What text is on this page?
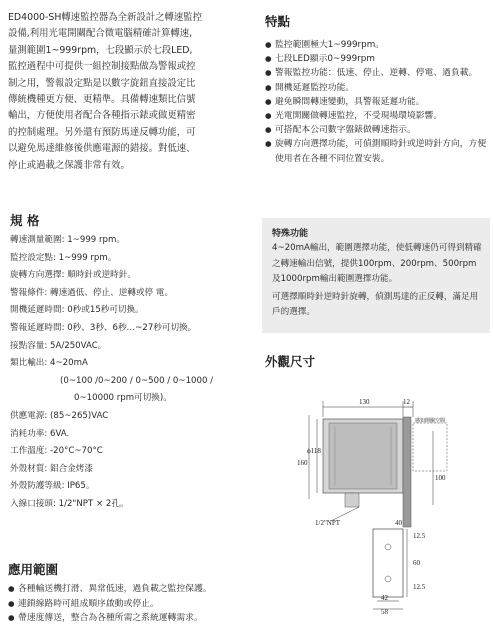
ED4000-SH轉速監控器為全新設計之轉速監控
設備,利用光電開關配合微電腦精確計算轉速,
量測範圍1~999rpm，七段顯示於七段LED,
監控過程中可提供一組控制接點做為警報或控
制之用，警報設定點是以數字旋鈕直接設定比
傳統機種更方便、更精準。具備轉速類比信號
輸出，方便使用者配合各種指示錶或做更精密
的控制處理。另外還有預防馬達反轉功能，可
以避免馬達維修後供應電源的錯接。對低速、
停止或過載之保護非常有效。
特點
● 監控範圍極大1~999rpm。
● 七段LED顯示0~999rpm
● 警報監控功能：低速、停止、逆轉、停電、過負載。
● 開機延遲監控功能。
● 避免瞬間轉速變動，具警報延遲功能。
● 光電開關做轉速監控，不受現場環境影響。
● 可搭配本公司數字盤錶做轉速指示。
● 旋轉方向選擇功能，可偵測順時針或逆時針方向，方便使用者在各種不同位置安裝。
規 格
轉速測量範圍: 1~999 rpm。
監控設定點: 1~999 rpm。
旋轉方向選擇: 順時針或逆時針。
警報條件: 轉速過低、停止、逆轉或停 電。
開機延遲時間: 0秒或15秒可切換。
警報延遲時間: 0秒、3秒、6秒…~27秒可切換。
接點容量: 5A/250VAC。
類比輸出: 4~20mA
(0~100 /0~200 / 0~500 / 0~1000 /
0~10000 rpm可切換)。
供應電源: (85~265)VAC
消耗功率: 6VA.
工作溫度: -20°C~70°C
外殼材質: 鋁合金烤漆
外殼防護等級: IP65。
入線口接頭: 1/2"NPT × 2孔。
特殊功能

4~20mA輸出，範圍選擇功能，使低轉速仍可得到精確之轉速輸出信號，提供100rpm、200rpm、500rpm及1000rpm輸出範圍選擇功能。

可選擇順時針逆時針旋轉，偵測馬達的正反轉，滿足用戶的選擇。

外觀尺寸
130	12
ϕ118
160
感知開關空間
100
1/2"NPT	40
12.5
60
12.5
42
58
應用範圍
● 各種輸送機打滑、異常低速，過負載之監控保護。
● 連鎖線路時可組成順序啟動或停止。
● 帶速度傳送，整合為各種所需之系統運轉需求。
